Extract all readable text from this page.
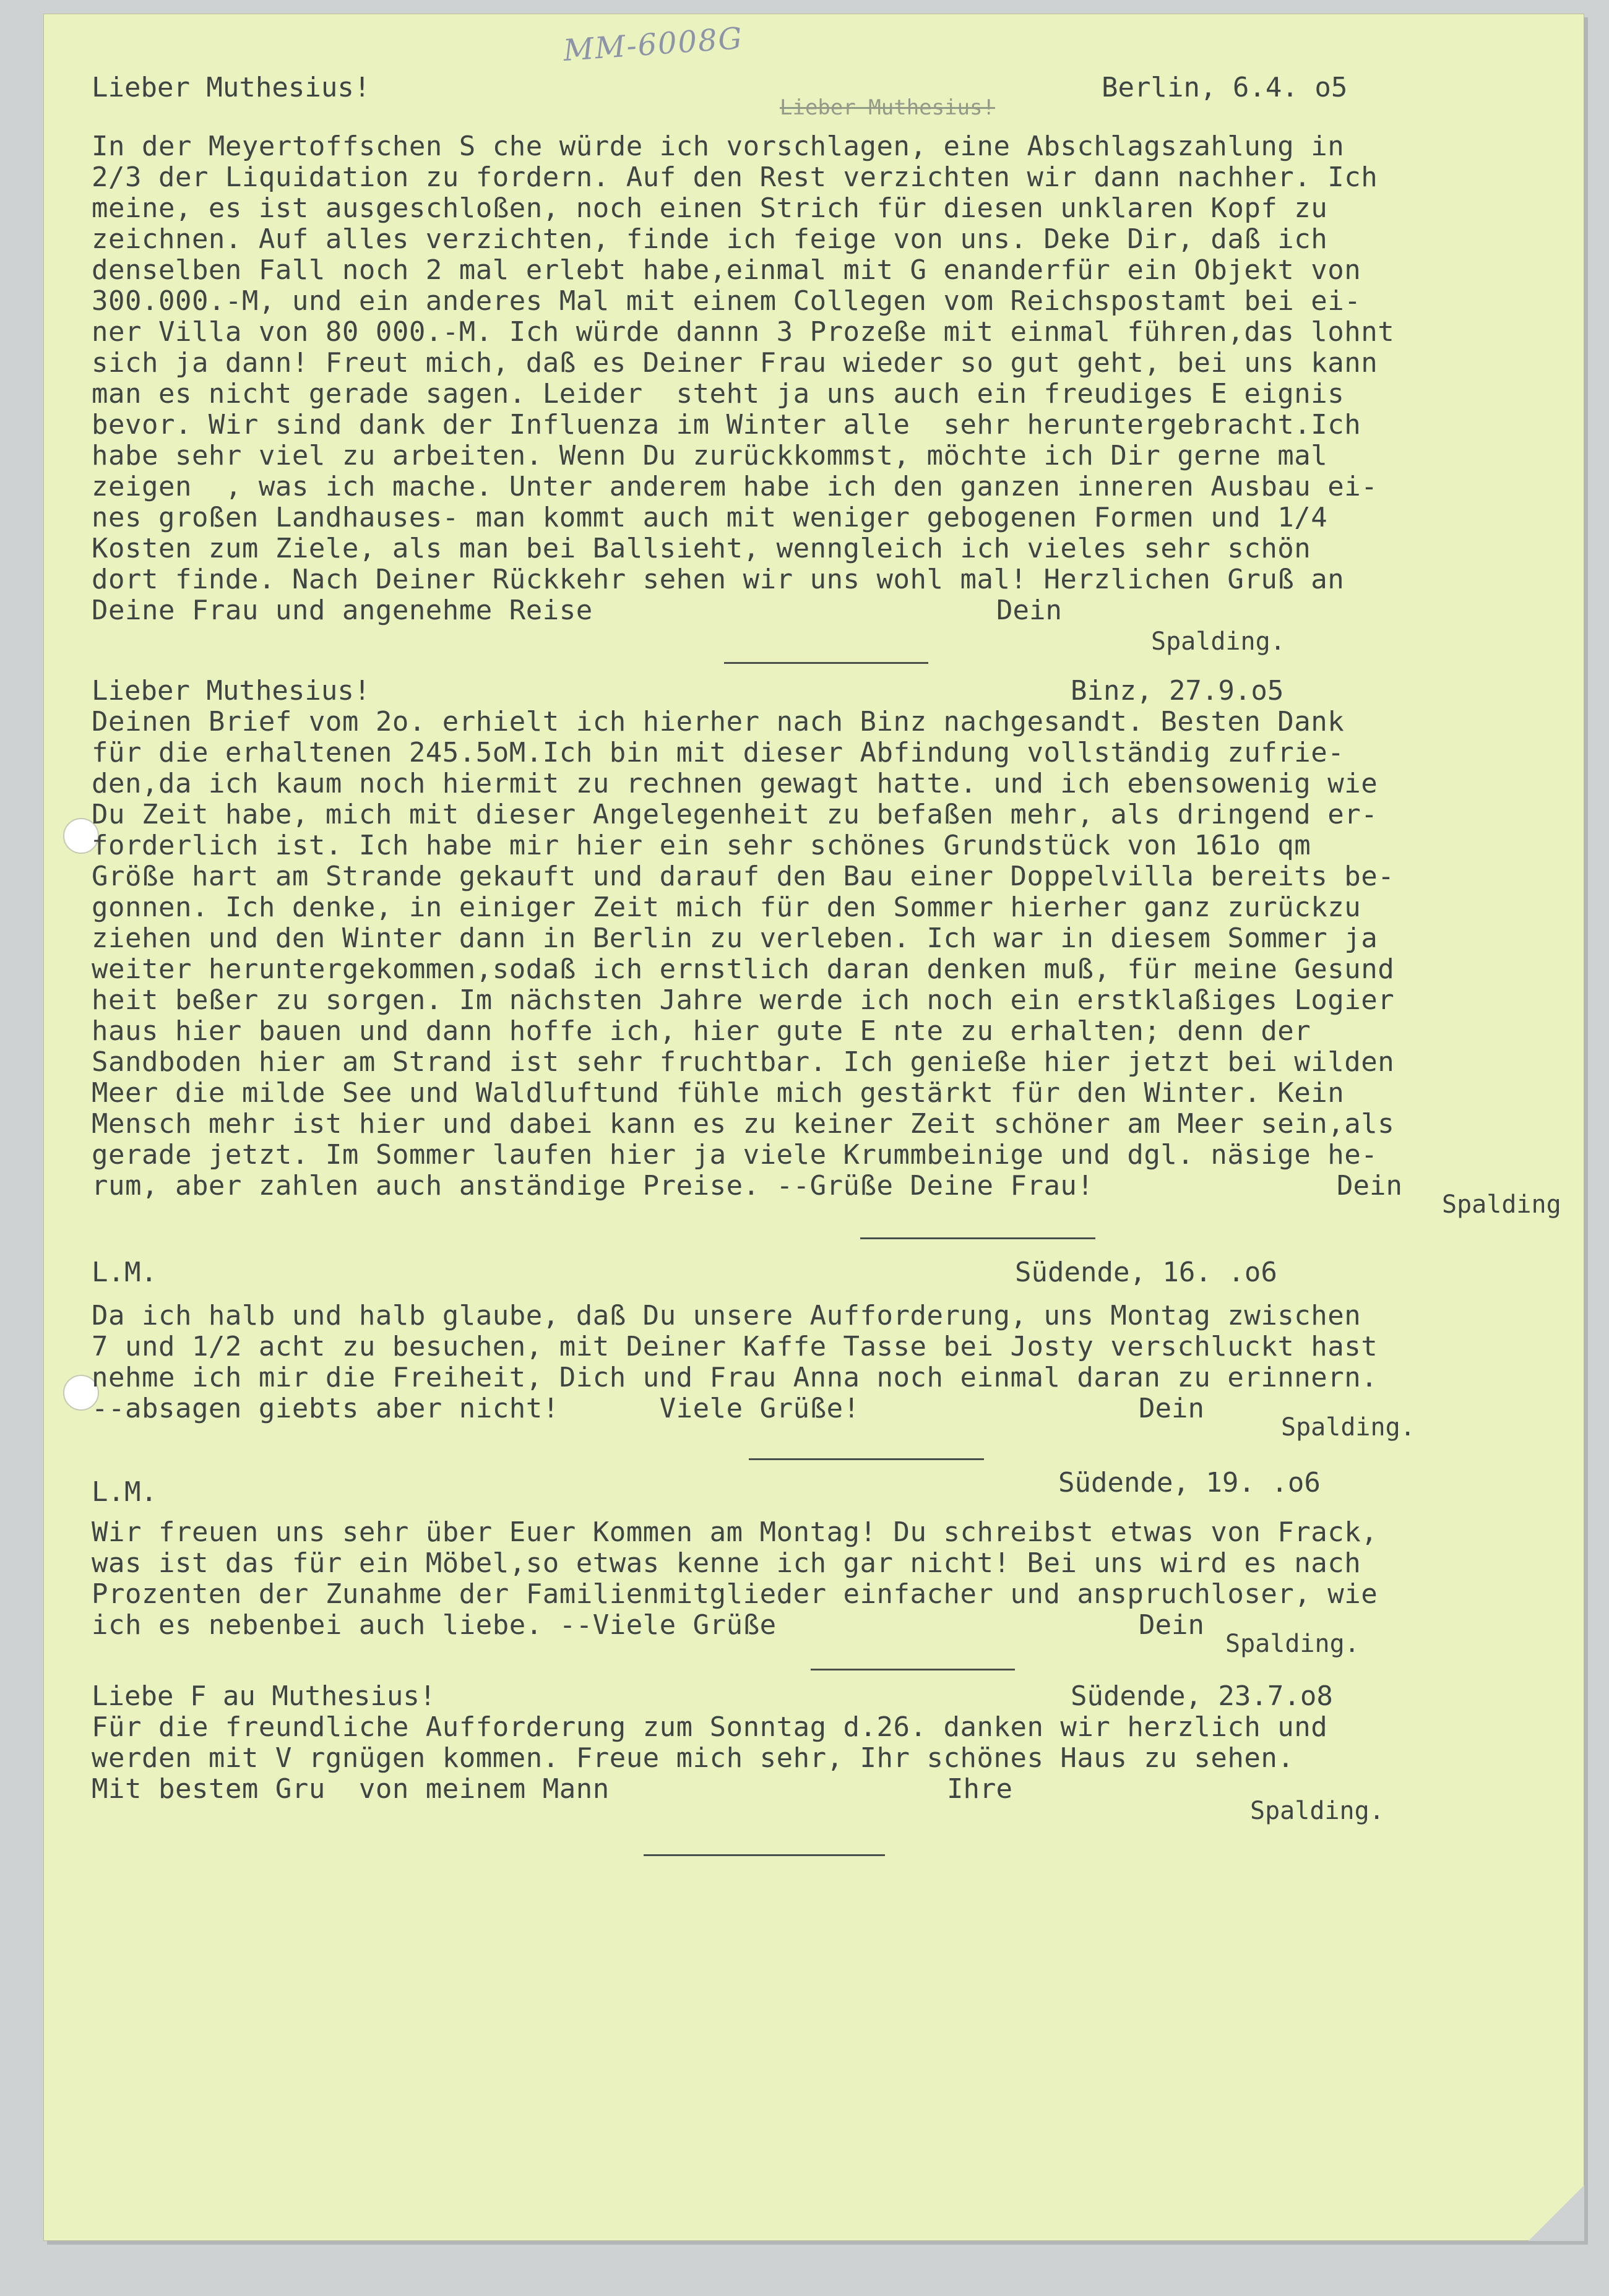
MM-6008G
Lieber Muthesius!
Lieber Muthesius!	Berlin, 6.4. o5
In der Meyertoffschen S che würde ich vorschlagen, eine Abschlagszahlung in
2/3 der Liquidation zu fordern. Auf den Rest verzichten wir dann nachher. Ich
meine, es ist ausgeschloßen, noch einen Strich für diesen unklaren Kopf zu
zeichnen. Auf alles verzichten, finde ich feige von uns. Deke Dir, daß ich
denselben Fall noch 2 mal erlebt habe,einmal mit G enanderfür ein Objekt von
300.000.-M, und ein anderes Mal mit einem Collegen vom Reichspostamt bei ei-
ner Villa von 80 000.-M. Ich würde dannn 3 Prozeße mit einmal führen,das lohnt
sich ja dann! Freut mich, daß es Deiner Frau wieder so gut geht, bei uns kann
man es nicht gerade sagen. Leider  steht ja uns auch ein freudiges E eignis
bevor. Wir sind dank der Influenza im Winter alle  sehr heruntergebracht.Ich
habe sehr viel zu arbeiten. Wenn Du zurückkommst, möchte ich Dir gerne mal
zeigen  , was ich mache. Unter anderem habe ich den ganzen inneren Ausbau ei-
nes großen Landhauses- man kommt auch mit weniger gebogenen Formen und 1/4
Kosten zum Ziele, als man bei Ballsieht, wenngleich ich vieles sehr schön
dort finde. Nach Deiner Rückkehr sehen wir uns wohl mal! Herzlichen Gruß an
Deine Frau und angenehme Reise	Dein
Spalding.
Lieber Muthesius!	Binz, 27.9.o5
Deinen Brief vom 2o. erhielt ich hierher nach Binz nachgesandt. Besten Dank
für die erhaltenen 245.5oM.Ich bin mit dieser Abfindung vollständig zufrie-
den,da ich kaum noch hiermit zu rechnen gewagt hatte. und ich ebensowenig wie
Du Zeit habe, mich mit dieser Angelegenheit zu befaßen mehr, als dringend er-
forderlich ist. Ich habe mir hier ein sehr schönes Grundstück von 161o qm
Größe hart am Strande gekauft und darauf den Bau einer Doppelvilla bereits be-
gonnen. Ich denke, in einiger Zeit mich für den Sommer hierher ganz zurückzu
ziehen und den Winter dann in Berlin zu verleben. Ich war in diesem Sommer ja
weiter heruntergekommen,sodaß ich ernstlich daran denken muß, für meine Gesund
heit beßer zu sorgen. Im nächsten Jahre werde ich noch ein erstklaßiges Logier
haus hier bauen und dann hoffe ich, hier gute E nte zu erhalten; denn der
Sandboden hier am Strand ist sehr fruchtbar. Ich genieße hier jetzt bei wilden
Meer die milde See und Waldluftund fühle mich gestärkt für den Winter. Kein
Mensch mehr ist hier und dabei kann es zu keiner Zeit schöner am Meer sein,als
gerade jetzt. Im Sommer laufen hier ja viele Krummbeinige und dgl. näsige he-
rum, aber zahlen auch anständige Preise. --Grüße Deine Frau!	Dein
Spalding
L.M.	Südende, 16. .o6
Da ich halb und halb glaube, daß Du unsere Aufforderung, uns Montag zwischen
7 und 1/2 acht zu besuchen, mit Deiner Kaffe Tasse bei Josty verschluckt hast
nehme ich mir die Freiheit, Dich und Frau Anna noch einmal daran zu erinnern.
--absagen giebts aber nicht!      Viele Grüße!	Dein
Spalding.
L.M.	Südende, 19. .o6
Wir freuen uns sehr über Euer Kommen am Montag! Du schreibst etwas von Frack,
was ist das für ein Möbel,so etwas kenne ich gar nicht! Bei uns wird es nach
Prozenten der Zunahme der Familienmitglieder einfacher und anspruchloser, wie
ich es nebenbei auch liebe. --Viele Grüße	Dein
Spalding.
Liebe F au Muthesius!	Südende, 23.7.o8
Für die freundliche Aufforderung zum Sonntag d.26. danken wir herzlich und
werden mit V rgnügen kommen. Freue mich sehr, Ihr schönes Haus zu sehen.
Mit bestem Gru  von meinem Mann	Ihre
Spalding.
